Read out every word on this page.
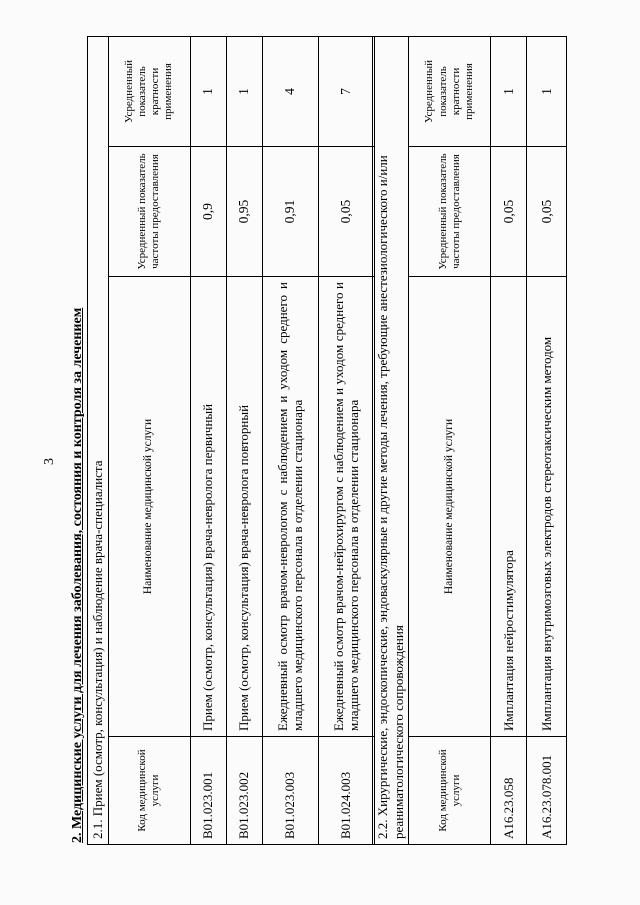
3 2. Медицинские услуги для лечения заболевания, состояния и контроля за лечением 2.1. Прием (осмотр, консультация) и наблюдение врача-специалиста			
Код медицинской услуги	Наименование медицинской услуги	Усредненный показатель частоты предоставления	Усредненный показатель кратности применения
B01.023.001	Прием (осмотр, консультация) врача-невролога первичный	0,9	1
B01.023.002	Прием (осмотр, консультация) врача-невролога повторный	0,95	1
B01.023.003	Ежедневный осмотр врачом-неврологом с наблюдением и уходом среднего и младшего медицинского персонала в отделении стационара	0,91	4
B01.024.003	Ежедневный осмотр врачом-нейрохирургом с наблюдением и уходом среднего и младшего медицинского персонала в отделении стационара	0,05	7
2.2. Хирургические, эндоскопические, эндоваскулярные и другие методы лечения, требующие анестезиологического и/или реаниматологического сопровождения			
Код медицинской услуги	Наименование медицинской услуги	Усредненный показатель частоты предоставления	Усредненный показатель кратности применения
A16.23.058	Имплантация нейростимулятора	0,05	1
A16.23.078.001	Имплантация внутримозговых электродов стереотаксическим методом	0,05	1
